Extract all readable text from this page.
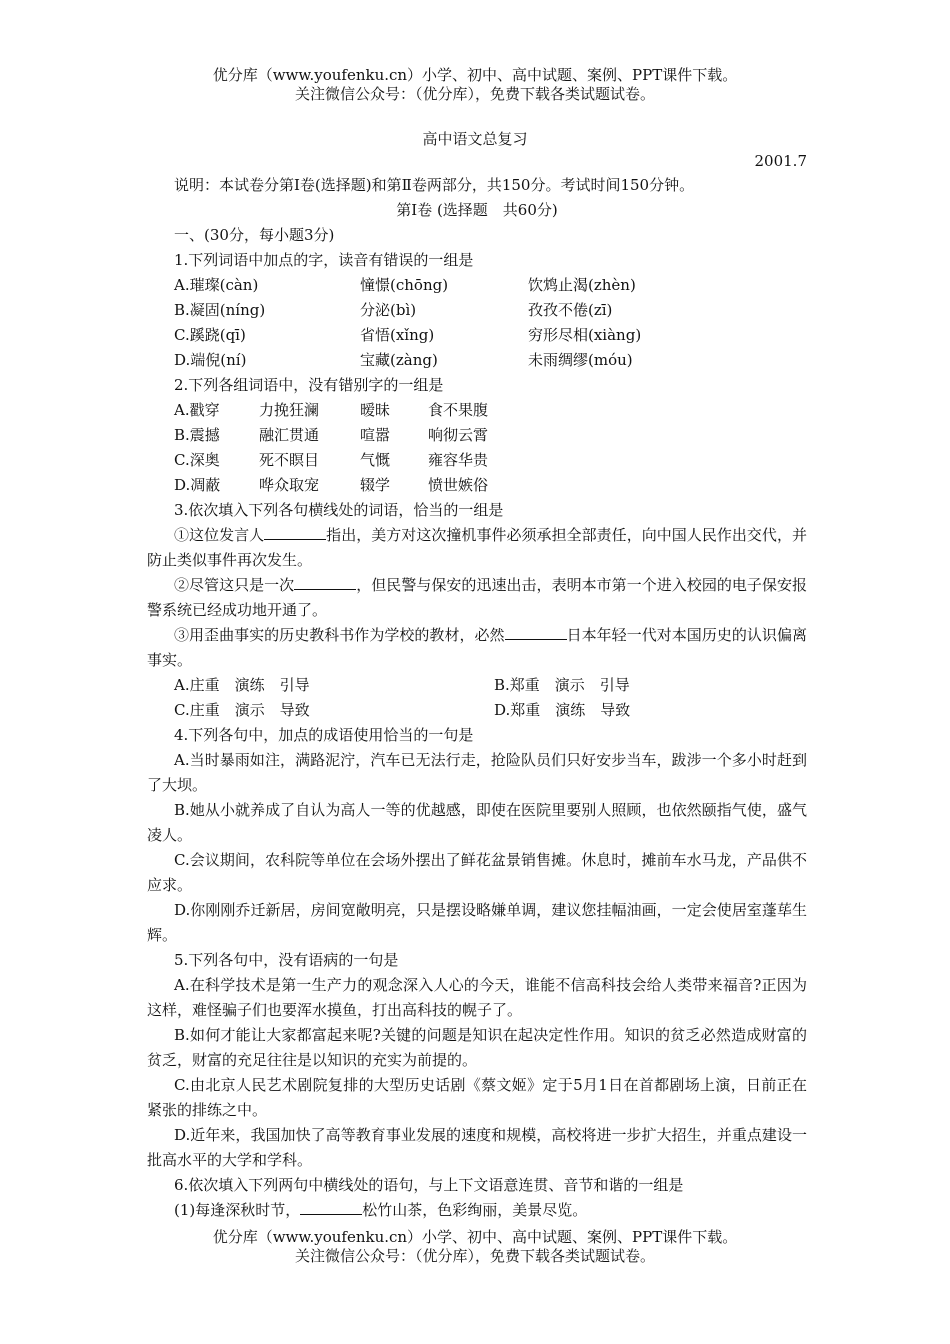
优分库（www.youfenku.cn）小学、初中、高中试题、案例、PPT课件下载。
关注微信公众号：（优分库），免费下载各类试题试卷。
高中语文总复习
2001.7

说明：本试卷分第Ⅰ卷(选择题)和第Ⅱ卷两部分，共150分。考试时间150分钟。

第Ⅰ卷 (选择题　共60分)

一、(30分，每小题3分)

1.下列词语中加点的字，读音有错误的一组是

A.璀璨(càn)	憧憬(chōng)	饮鸩止渴(zhèn)
B.凝固(níng)	分泌(bì)	孜孜不倦(zī)
C.蹊跷(qī)	省悟(xǐng)	穷形尽相(xiàng)
D.端倪(ní)	宝藏(zàng)	未雨绸缪(móu)

2.下列各组词语中，没有错别字的一组是

A.戳穿	力挽狂澜	暧昧	食不果腹
B.震撼	融汇贯通	喧嚣	响彻云霄
C.深奥	死不瞑目	气慨	雍容华贵
D.凋蔽	哗众取宠	辍学	愤世嫉俗

3.依次填入下列各句横线处的词语，恰当的一组是

①这位发言人	指出，美方对这次撞机事件必须承担全部责任，向中国人民作出交代，并防止类似事件再次发生。

②尽管这只是一次	，但民警与保安的迅速出击，表明本市第一个进入校园的电子保安报警系统已经成功地开通了。

③用歪曲事实的历史教科书作为学校的教材，必然	日本年轻一代对本国历史的认识偏离事实。

A.庄重　演练　引导	B.郑重　演示　引导
C.庄重　演示　导致	D.郑重　演练　导致

4.下列各句中，加点的成语使用恰当的一句是

A.当时暴雨如注，满路泥泞，汽车已无法行走，抢险队员们只好安步当车，跋涉一个多小时赶到了大坝。

B.她从小就养成了自认为高人一等的优越感，即使在医院里要别人照顾，也依然颐指气使，盛气凌人。

C.会议期间，农科院等单位在会场外摆出了鲜花盆景销售摊。休息时，摊前车水马龙，产品供不应求。

D.你刚刚乔迁新居，房间宽敞明亮，只是摆设略嫌单调，建议您挂幅油画，一定会使居室蓬荜生辉。

5.下列各句中，没有语病的一句是

A.在科学技术是第一生产力的观念深入人心的今天，谁能不信高科技会给人类带来福音?正因为这样，难怪骗子们也要浑水摸鱼，打出高科技的幌子了。

B.如何才能让大家都富起来呢?关键的问题是知识在起决定性作用。知识的贫乏必然造成财富的贫乏，财富的充足往往是以知识的充实为前提的。

C.由北京人民艺术剧院复排的大型历史话剧《蔡文姬》定于5月1日在首都剧场上演，日前正在紧张的排练之中。

D.近年来，我国加快了高等教育事业发展的速度和规模，高校将进一步扩大招生，并重点建设一批高水平的大学和学科。

6.依次填入下列两句中横线处的语句，与上下文语意连贯、音节和谐的一组是

(1)每逢深秋时节，	松竹山茶，色彩绚丽，美景尽览。

优分库（www.youfenku.cn）小学、初中、高中试题、案例、PPT课件下载。
关注微信公众号：（优分库），免费下载各类试题试卷。
